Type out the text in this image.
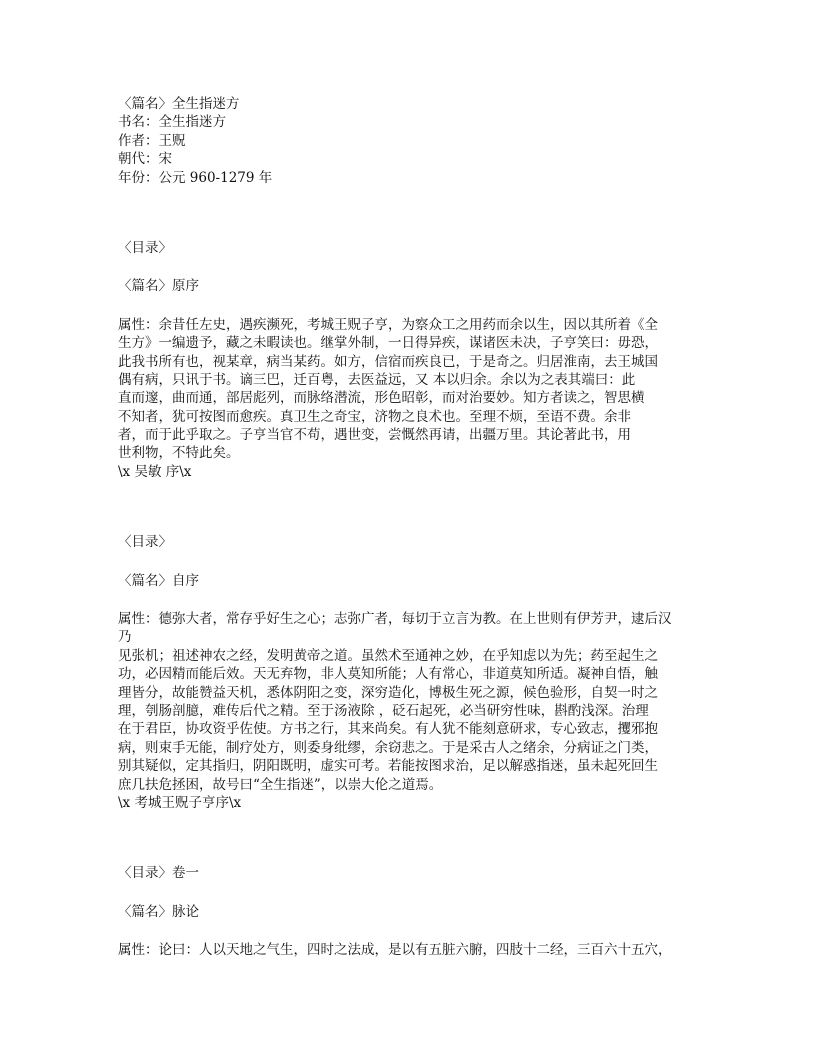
〈篇名〉全生指迷方
书名：全生指迷方
作者：王贶
朝代：宋
年份：公元 960-1279 年
〈目录〉
〈篇名〉原序
属性：余昔任左史，遇疾濒死，考城王贶子亨，为察众工之用药而余以生，因以其所着《全
生方》一编遗予，藏之未暇读也。继掌外制，一日得异疾，谋诸医未决，子亨笑曰：毋恐，
此我书所有也，视某章，病当某药。如方，信宿而疾良已，于是奇之。归居淮南，去王城国
偶有病，只讯于书。谪三巴，迁百粤，去医益远，又 本以归余。余以为之表其端曰：此
直而邃，曲而通，部居彪列，而脉络潜流，形色昭彰，而对治要妙。知方者读之，智思横
不知者，犹可按图而愈疾。真卫生之奇宝，济物之良术也。至理不烦，至语不费。余非
者，而于此乎取之。子亨当官不苟，遇世变，尝慨然再请，出疆万里。其论著此书，用
世利物，不特此矣。
\x 吴敏 序\x
〈目录〉
〈篇名〉自序
属性：德弥大者，常存乎好生之心；志弥广者，每切于立言为教。在上世则有伊芳尹，逮后汉
乃
见张机；祖述神农之经，发明黄帝之道。虽然术至通神之妙，在乎知虑以为先；药至起生之
功，必因精而能后效。天无弃物，非人莫知所能；人有常心，非道莫知所适。凝神自悟，触
理皆分，故能赞益天机，悉体阴阳之变，深穷造化，博极生死之源，候色验形，自契一时之
理，刳肠剖臆，难传后代之精。至于汤液除 ，砭石起死，必当研穷性味，斟酌浅深。治理
在于君臣，协攻资乎佐使。方书之行，其来尚矣。有人犹不能刻意研求，专心致志，攫邪抱
病，则束手无能，制疗处方，则委身纰缪，余窃悲之。于是采古人之绪余，分病证之门类，
别其疑似，定其指归，阴阳既明，虚实可考。若能按图求治，足以解惑指迷，虽未起死回生
庶几扶危拯困，故号曰“全生指迷”，以崇大伦之道焉。
\x 考城王贶子亨序\x
〈目录〉卷一
〈篇名〉脉论
属性：论曰：人以天地之气生，四时之法成，是以有五脏六腑，四肢十二经，三百六十五穴，
